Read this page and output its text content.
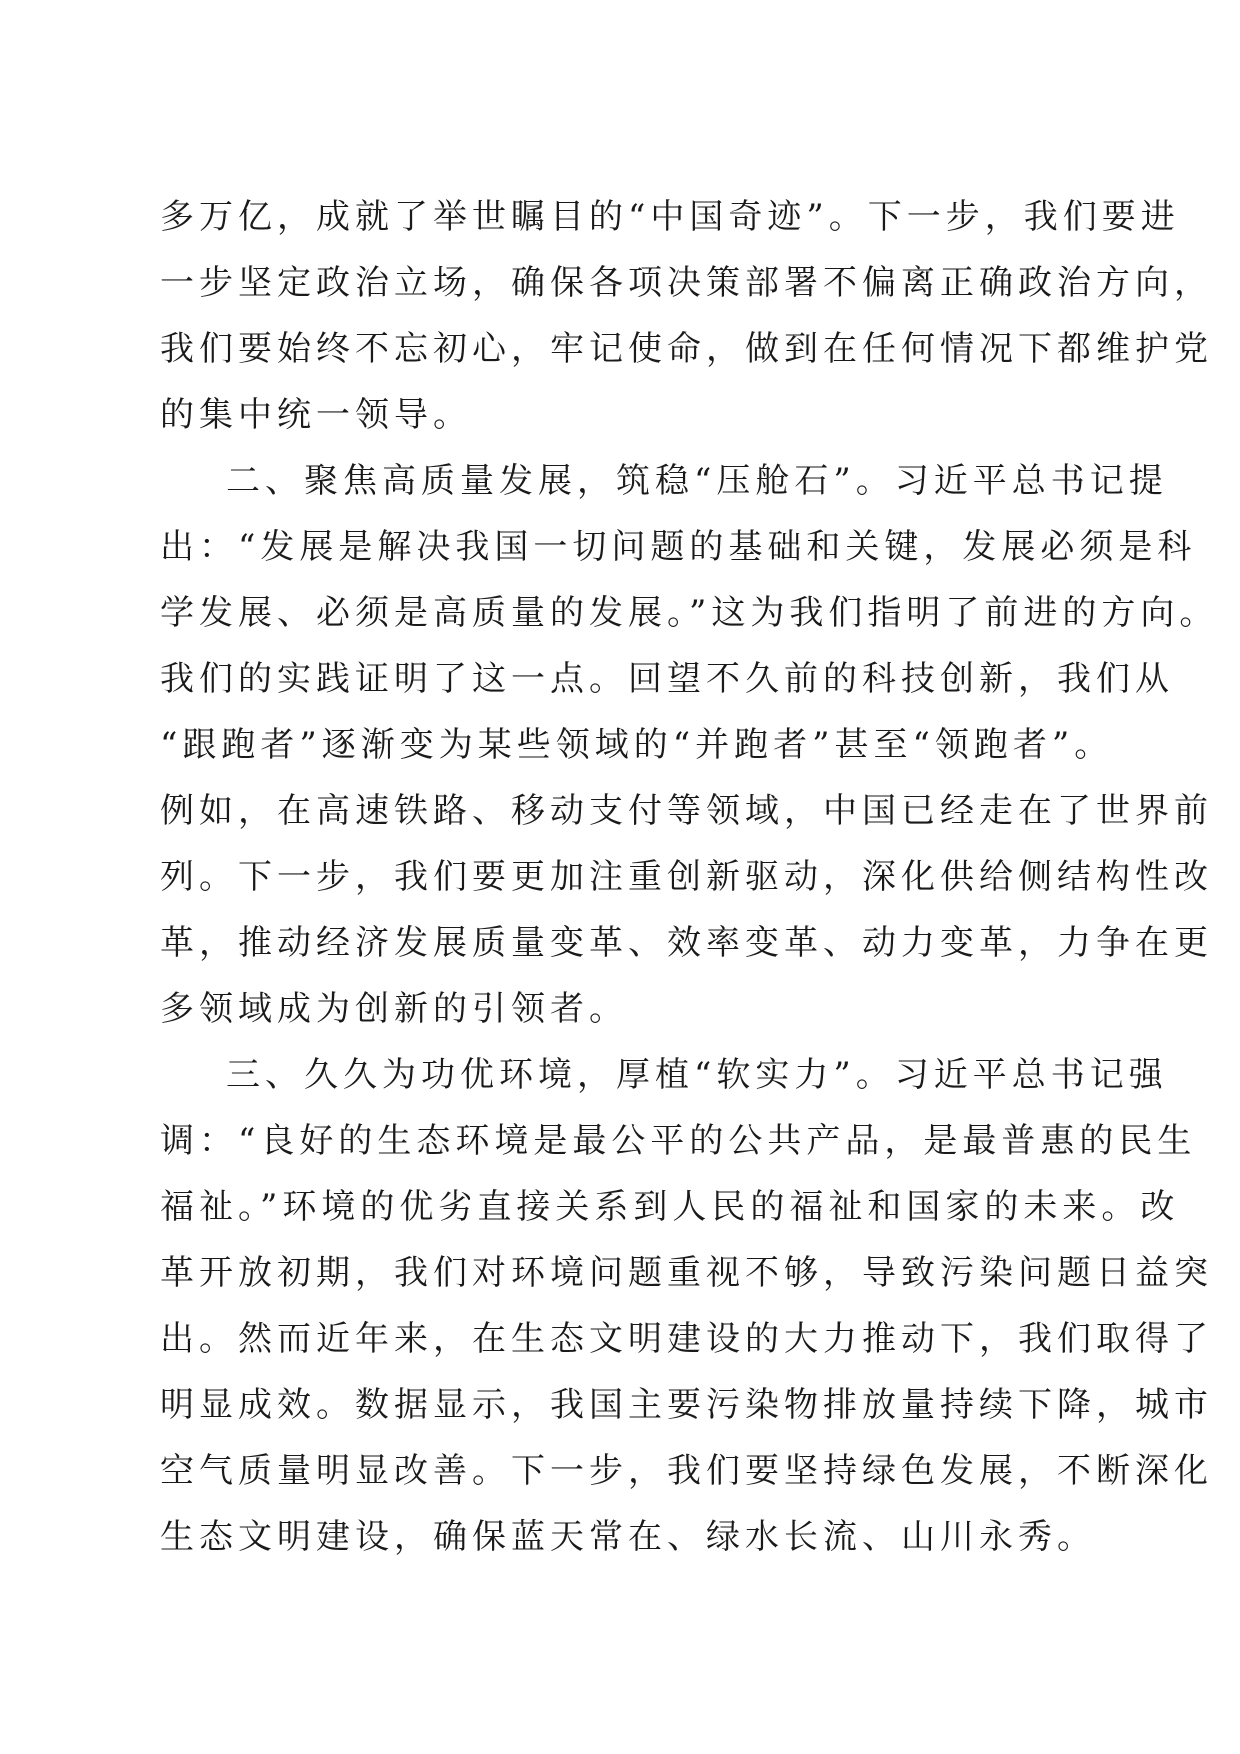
多万亿，成就了举世瞩目的“中国奇迹”。下一步，我们要进
一步坚定政治立场，确保各项决策部署不偏离正确政治方向，
我们要始终不忘初心，牢记使命，做到在任何情况下都维护党
的集中统一领导。
二、聚焦高质量发展，筑稳“压舱石”。习近平总书记提
出：“发展是解决我国一切问题的基础和关键，发展必须是科
学发展、必须是高质量的发展。”这为我们指明了前进的方向。
我们的实践证明了这一点。回望不久前的科技创新，我们从
“跟跑者”逐渐变为某些领域的“并跑者”甚至“领跑者”。
例如，在高速铁路、移动支付等领域，中国已经走在了世界前
列。下一步，我们要更加注重创新驱动，深化供给侧结构性改
革，推动经济发展质量变革、效率变革、动力变革，力争在更
多领域成为创新的引领者。
三、久久为功优环境，厚植“软实力”。习近平总书记强
调：“良好的生态环境是最公平的公共产品，是最普惠的民生
福祉。”环境的优劣直接关系到人民的福祉和国家的未来。改
革开放初期，我们对环境问题重视不够，导致污染问题日益突
出。然而近年来，在生态文明建设的大力推动下，我们取得了
明显成效。数据显示，我国主要污染物排放量持续下降，城市
空气质量明显改善。下一步，我们要坚持绿色发展，不断深化
生态文明建设，确保蓝天常在、绿水长流、山川永秀。
